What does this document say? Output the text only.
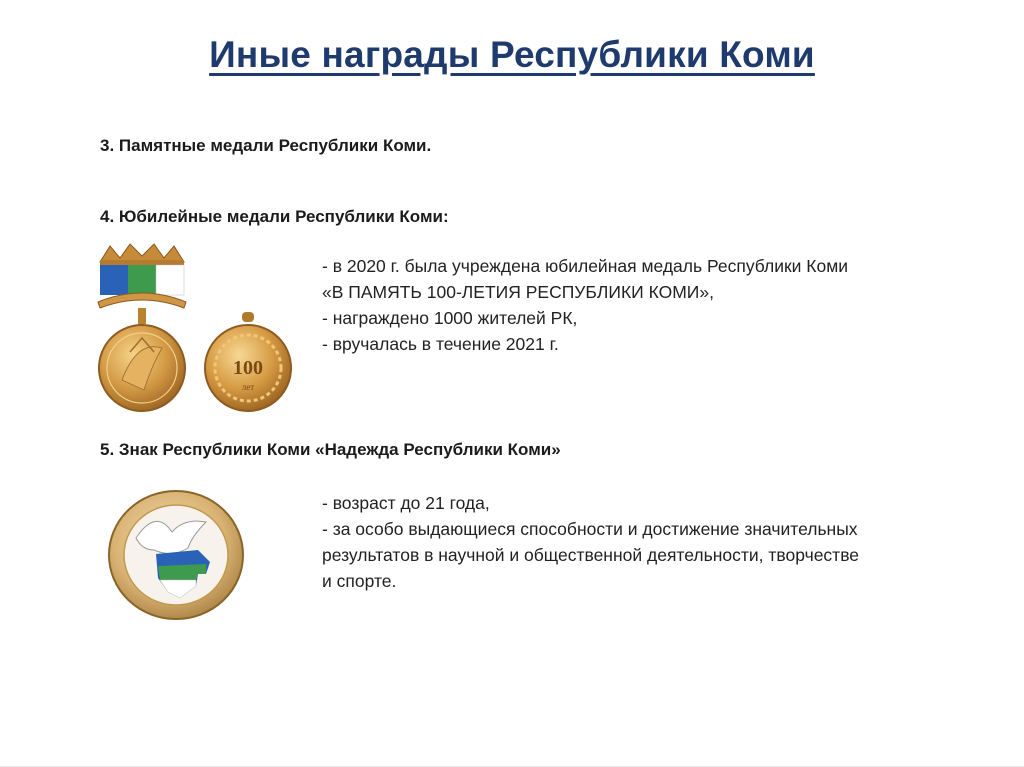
Иные награды Республики Коми
3. Памятные медали Республики Коми.
4. Юбилейные медали Республики Коми:
100
лет
- в 2020 г. была учреждена юбилейная медаль Республики Коми
«В ПАМЯТЬ 100-ЛЕТИЯ РЕСПУБЛИКИ КОМИ»,
- награждено 1000 жителей РК,
- вручалась в течение 2021 г.
5. Знак Республики Коми «Надежда Республики Коми»
- возраст до 21 года,
- за особо выдающиеся способности и достижение значительных
результатов в научной и общественной деятельности, творчестве
и спорте.
